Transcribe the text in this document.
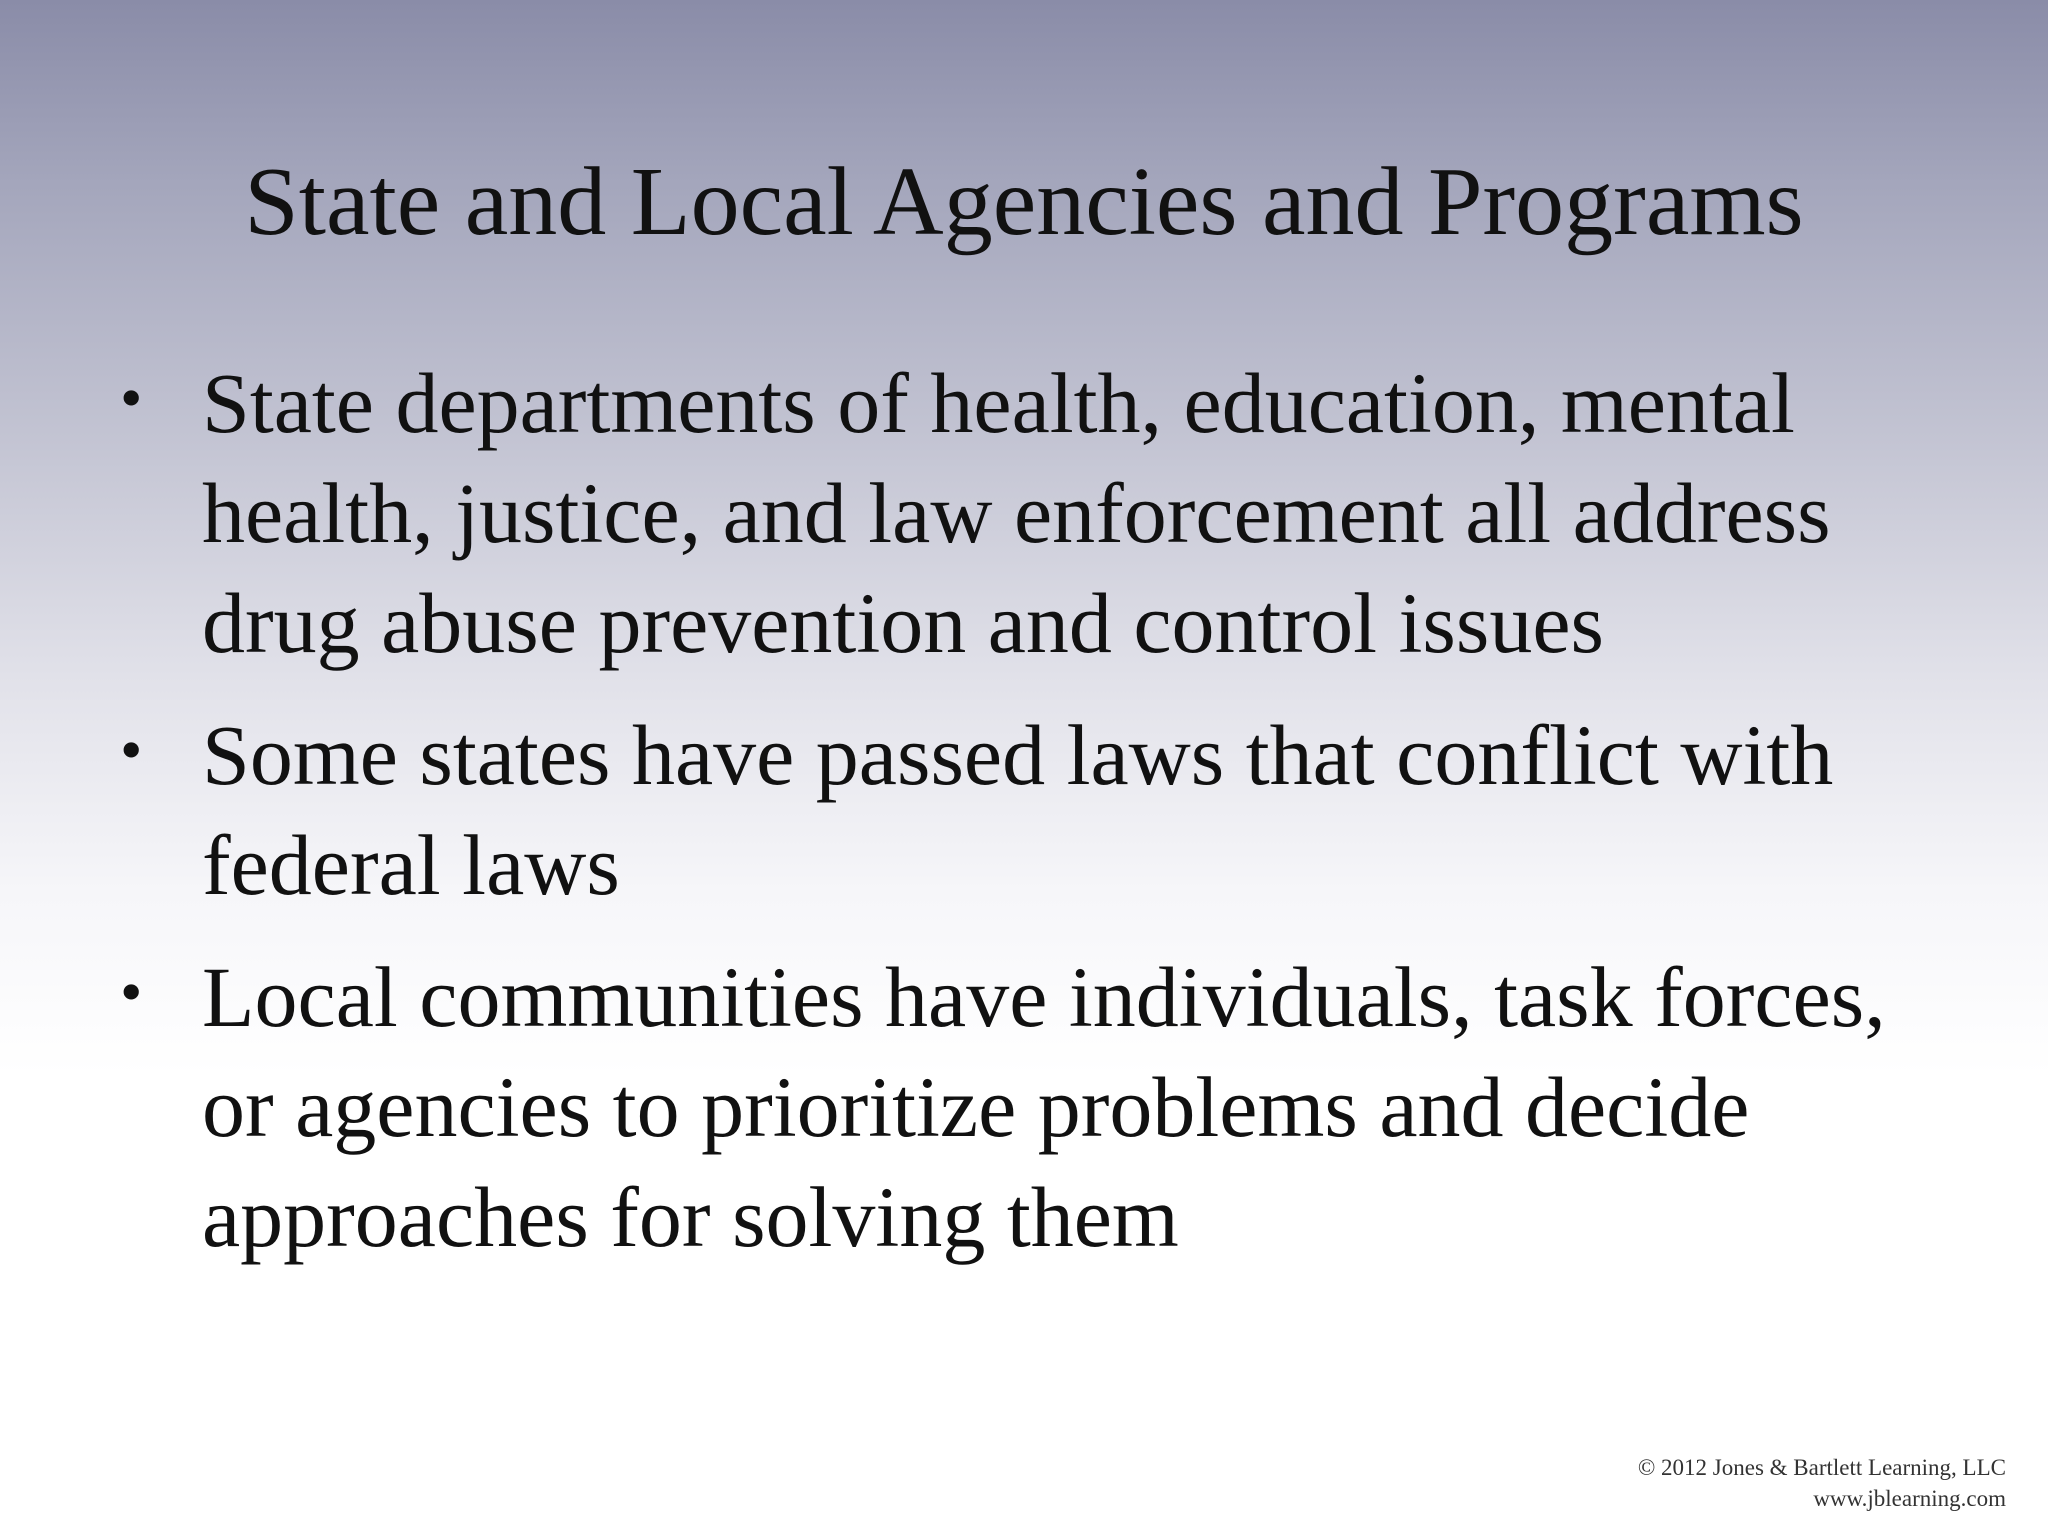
State and Local Agencies and Programs
• State departments of health, education, mental health, justice, and law enforcement all address drug abuse prevention and control issues
• Some states have passed laws that conflict with federal laws
• Local communities have individuals, task forces, or agencies to prioritize problems and decide approaches for solving them
© 2012 Jones & Bartlett Learning, LLC
www.jblearning.com
